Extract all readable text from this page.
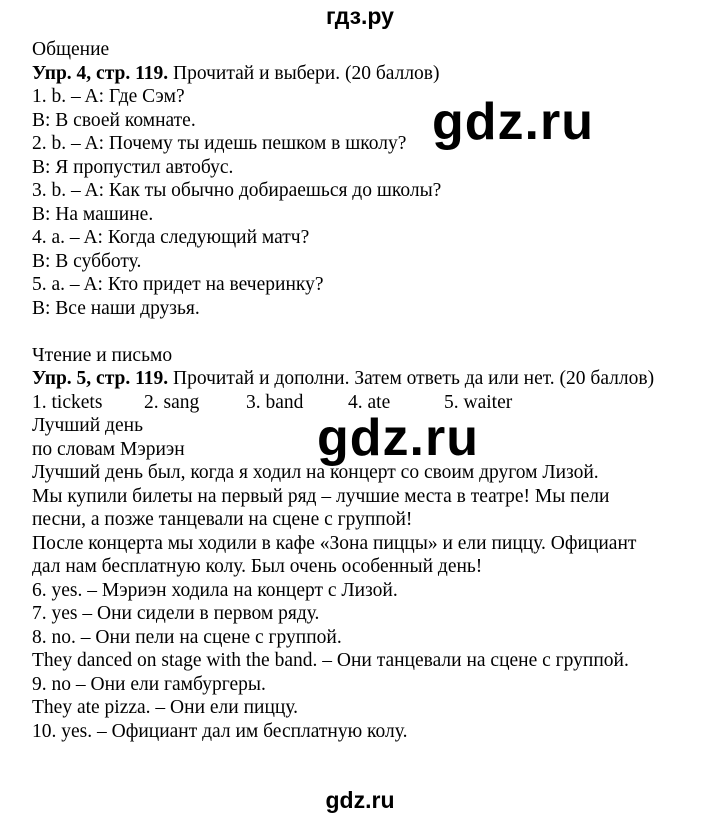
гдз.ру
Общение
Упр. 4, стр. 119. Прочитай и выбери. (20 баллов)
1. b. – A: Где Сэм?
B: В своей комнате.
2. b. – A: Почему ты идешь пешком в школу?
B: Я пропустил автобус.
3. b. – A: Как ты обычно добираешься до школы?
B: На машине.
4. a. – A: Когда следующий матч?
B: В субботу.
5. a. – A: Кто придет на вечеринку?
B: Все наши друзья.
Чтение и письмо
Упр. 5, стр. 119. Прочитай и дополни. Затем ответь да или нет. (20 баллов)
1. tickets 2. sang 3. band 4. ate	5. waiter
Лучший день
по словам Мэриэн
Лучший день был, когда я ходил на концерт со своим другом Лизой.
Мы купили билеты на первый ряд – лучшие места в театре! Мы пели
песни, а позже танцевали на сцене с группой!
После концерта мы ходили в кафе «Зона пиццы» и ели пиццу. Официант
дал нам бесплатную колу. Был очень особенный день!
6. yes. – Мэриэн ходила на концерт с Лизой.
7. yes – Они сидели в первом ряду.
8. no. – Они пели на сцене с группой.
They danced on stage with the band. – Они танцевали на сцене с группой.
9. no – Они ели гамбургеры.
They ate pizza. – Они ели пиццу.
10. yes. – Официант дал им бесплатную колу.
gdz.ru
gdz.ru
gdz.ru
